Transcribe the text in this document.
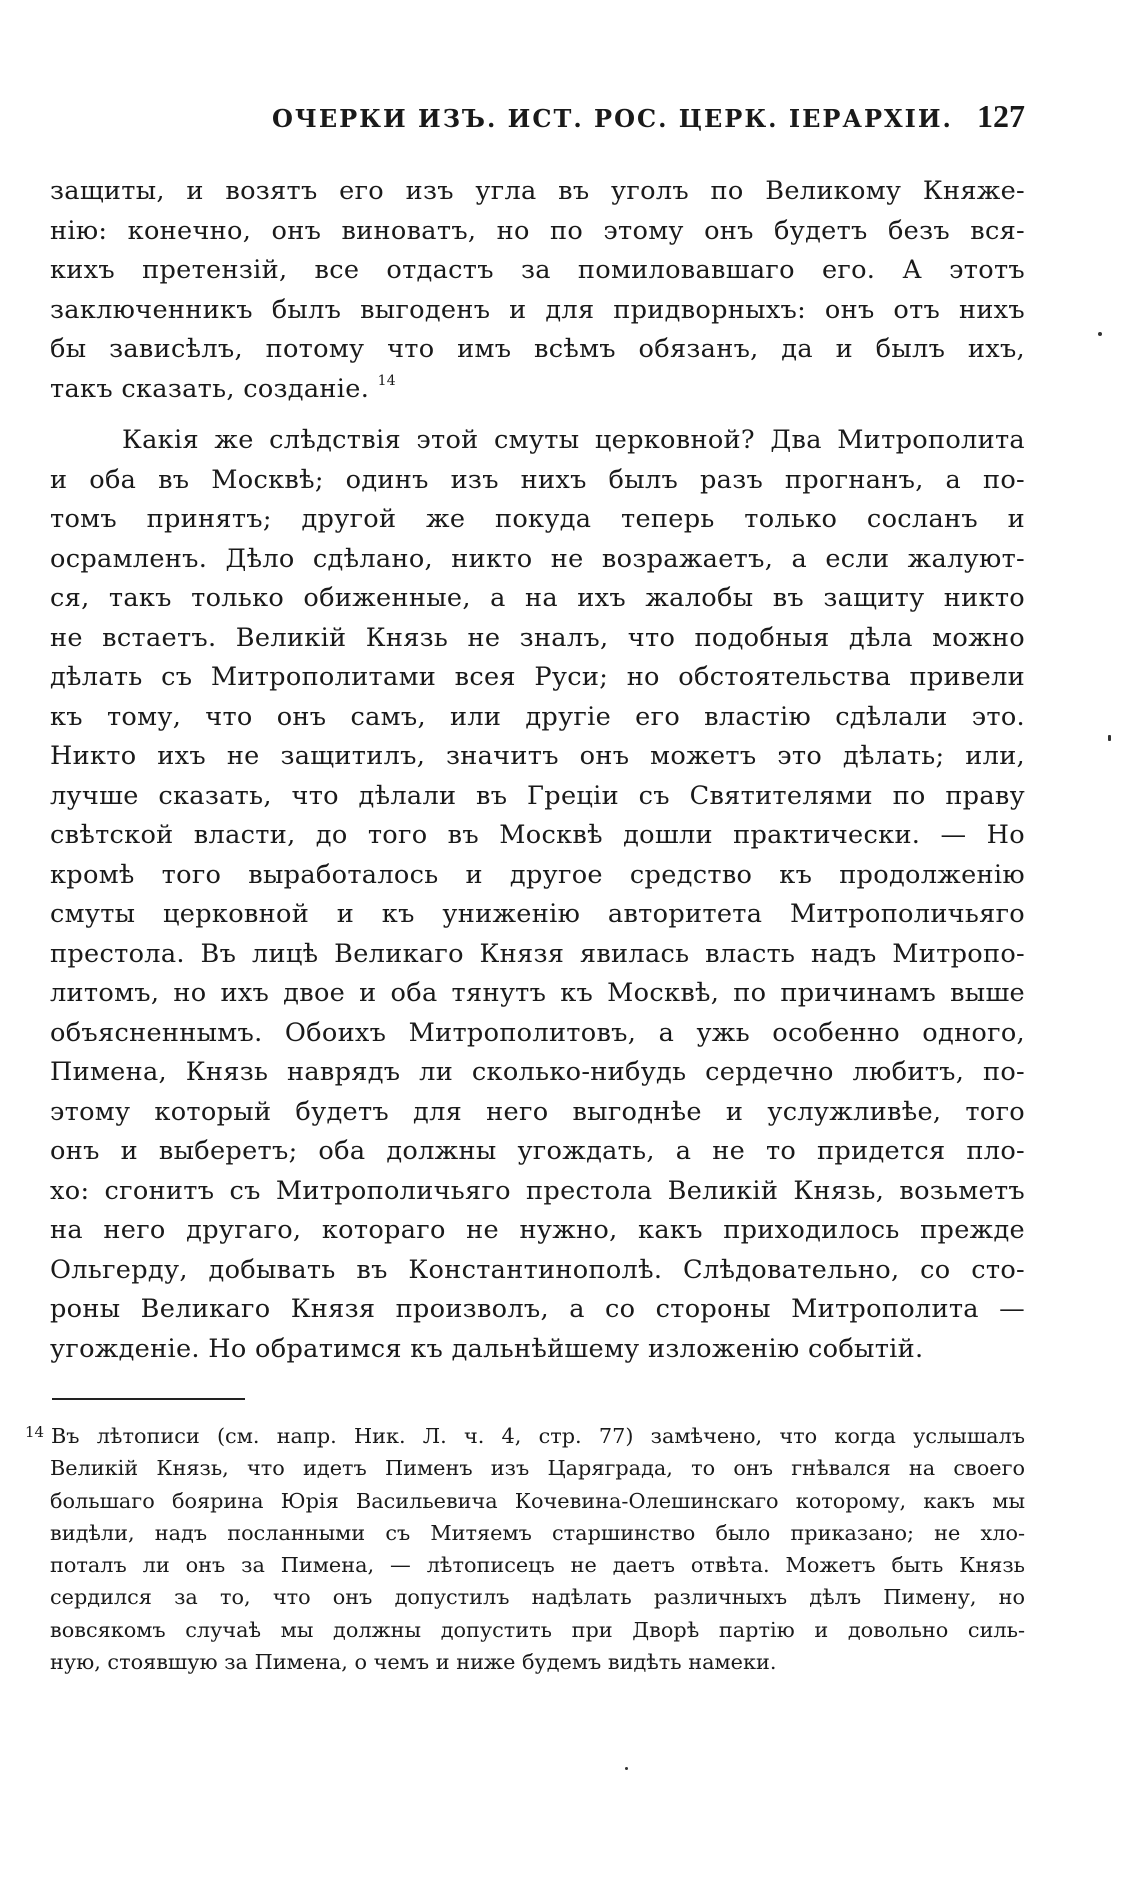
ОЧЕРКИ ИЗЪ. ИСТ. РОС. ЦЕРК. ІЕРАРХІИ. 127
защиты, и возятъ его изъ угла въ уголъ по Великому Княже-
нію: конечно, онъ виноватъ, но по этому онъ будетъ безъ вся-
кихъ претензій, все отдастъ за помиловавшаго его. А этотъ
заключенникъ былъ выгоденъ и для придворныхъ: онъ отъ нихъ
бы зависѣлъ, потому что имъ всѣмъ обязанъ, да и былъ ихъ,
такъ сказать, созданіе. $^{14}$
Какія же слѣдствія этой смуты церковной? Два Митрополита
и оба въ Москвѣ; одинъ изъ нихъ былъ разъ прогнанъ, а по-
томъ принятъ; другой же покуда теперь только сосланъ и
осрамленъ. Дѣло сдѣлано, никто не возражаетъ, а если жалуют-
ся, такъ только обиженные, а на ихъ жалобы въ защиту никто
не встаетъ. Великій Князь не зналъ, что подобныя дѣла можно
дѣлать съ Митрополитами всея Руси; но обстоятельства привели
къ тому, что онъ самъ, или другіе его властію сдѣлали это.
Никто ихъ не защитилъ, значитъ онъ можетъ это дѣлать; или,
лучше сказать, что дѣлали въ Греціи съ Святителями по праву
свѣтской власти, до того въ Москвѣ дошли практически. — Но
кромѣ того выработалось и другое средство къ продолженію
смуты церковной и къ униженію авторитета Митрополичьяго
престола. Въ лицѣ Великаго Князя явилась власть надъ Митропо-
литомъ, но ихъ двое и оба тянутъ къ Москвѣ, по причинамъ выше
объясненнымъ. Обоихъ Митрополитовъ, а ужь особенно одного,
Пимена, Князь наврядъ ли сколько-нибудь сердечно любитъ, по-
этому который будетъ для него выгоднѣе и услужливѣе, того
онъ и выберетъ; оба должны угождать, а не то придется пло-
хо: сгонитъ съ Митрополичьяго престола Великій Князь, возьметъ
на него другаго, котораго не нужно, какъ приходилось прежде
Ольгерду, добывать въ Константинополѣ. Слѣдовательно, со сто-
роны Великаго Князя произволъ, а со стороны Митрополита —
угожденіе. Но обратимся къ дальнѣйшему изложенію событій.
14 Въ лѣтописи (см. напр. Ник. Л. ч. 4, стр. 77) замѣчено, что когда услышалъ
Великій Князь, что идетъ Пименъ изъ Царяграда, то онъ гнѣвался на своего
большаго боярина Юрія Васильевича Кочевина-Олешинскаго которому, какъ мы
видѣли, надъ посланными съ Митяемъ старшинство было приказано; не хло-
поталъ ли онъ за Пимена, — лѣтописецъ не даетъ отвѣта. Можетъ быть Князь
сердился за то, что онъ допустилъ надѣлать различныхъ дѣлъ Пимену, но
вовсякомъ случаѣ мы должны допустить при Дворѣ партію и довольно силь-
ную, стоявшую за Пимена, о чемъ и ниже будемъ видѣть намеки.
